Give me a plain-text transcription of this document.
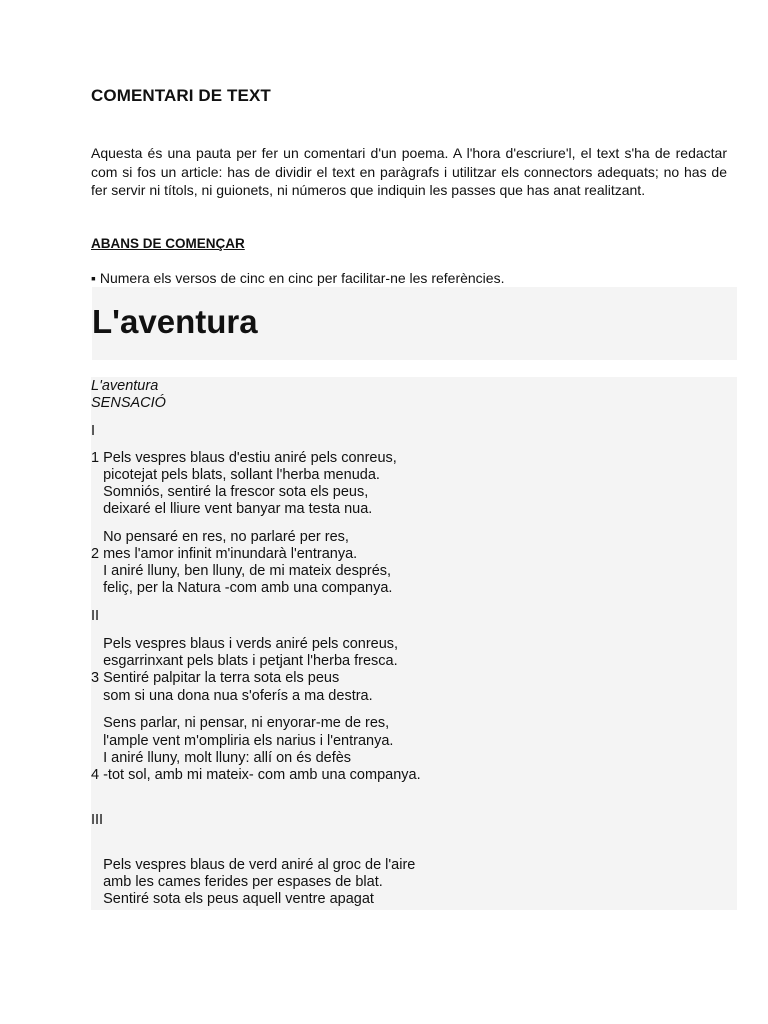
COMENTARI DE TEXT

Aquesta és una pauta per fer un comentari d'un poema. A l'hora d'escriure'l, el text s'ha de redactar com si fos un article: has de dividir el text en paràgrafs i utilitzar els connectors adequats; no has de fer servir ni títols, ni guionets, ni números que indiquin les passes que has anat realitzant.

ABANS DE COMENÇAR

▪ Numera els versos de cinc en cinc per facilitar-ne les referències.

L'aventura

L'aventura

SENSACIÓ

I

1 Pels vespres blaus d'estiu aniré pels conreus,

picotejat pels blats, sollant l'herba menuda.

Somniós, sentiré la frescor sota els peus,

deixaré el lliure vent banyar ma testa nua.

No pensaré en res, no parlaré per res,

2 mes l'amor infinit m'inundarà l'entranya.

I aniré lluny, ben lluny, de mi mateix després,

feliç, per la Natura -com amb una companya.

II

Pels vespres blaus i verds aniré pels conreus,

esgarrinxant pels blats i petjant l'herba fresca.

3 Sentiré palpitar la terra sota els peus

som si una dona nua s'oferís a ma destra.

Sens parlar, ni pensar, ni enyorar-me de res,

l'ample vent m'ompliria els narius i l'entranya.

I aniré lluny, molt lluny: allí on és defès

4 -tot sol, amb mi mateix- com amb una companya.

III

Pels vespres blaus de verd aniré al groc de l'aire

amb les cames ferides per espases de blat.

Sentiré sota els peus aquell ventre apagat
